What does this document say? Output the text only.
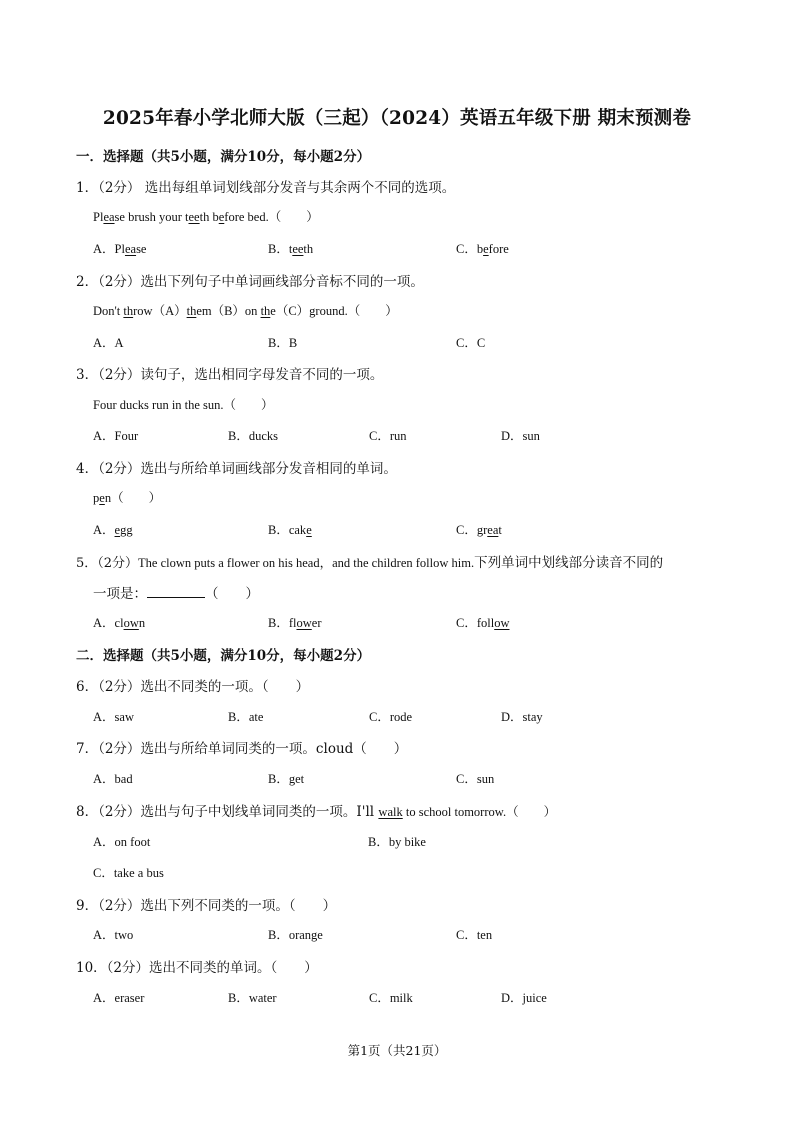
2025年春小学北师大版（三起）（2024）英语五年级下册 期末预测卷
一．选择题（共5小题，满分10分，每小题2分）
1．（2分） 选出每组单词划线部分发音与其余两个不同的选项。
Please brush your teeth before bed.（　　）
A．Please	B．teeth	C．before
2．（2分）选出下列句子中单词画线部分音标不同的一项。
Don't throw（A）them（B）on the（C）ground.（　　）
A．A	B．B	C．C
3．（2分）读句子，选出相同字母发音不同的一项。
Four ducks run in the sun.（　　）
A．Four	B．ducks	C．run	D．sun
4．（2分）选出与所给单词画线部分发音相同的单词。
pen（　　）
A．egg	B．cake	C．great
5．（2分）The clown puts a flower on his head，and the children follow him.下列单词中划线部分读音不同的
一项是：	（　　）
A．clown	B．flower	C．follow
二．选择题（共5小题，满分10分，每小题2分）
6．（2分）选出不同类的一项。（　　）
A．saw	B．ate	C．rode	D．stay
7．（2分）选出与所给单词同类的一项。cloud（　　）
A．bad	B．get	C．sun
8．（2分）选出与句子中划线单词同类的一项。I'll walk to school tomorrow.（　　）
A．on foot	B．by bike
C．take a bus
9．（2分）选出下列不同类的一项。（　　）
A．two	B．orange	C．ten
10．（2分）选出不同类的单词。（　　）
A．eraser	B．water	C．milk	D．juice
第1页（共21页）
